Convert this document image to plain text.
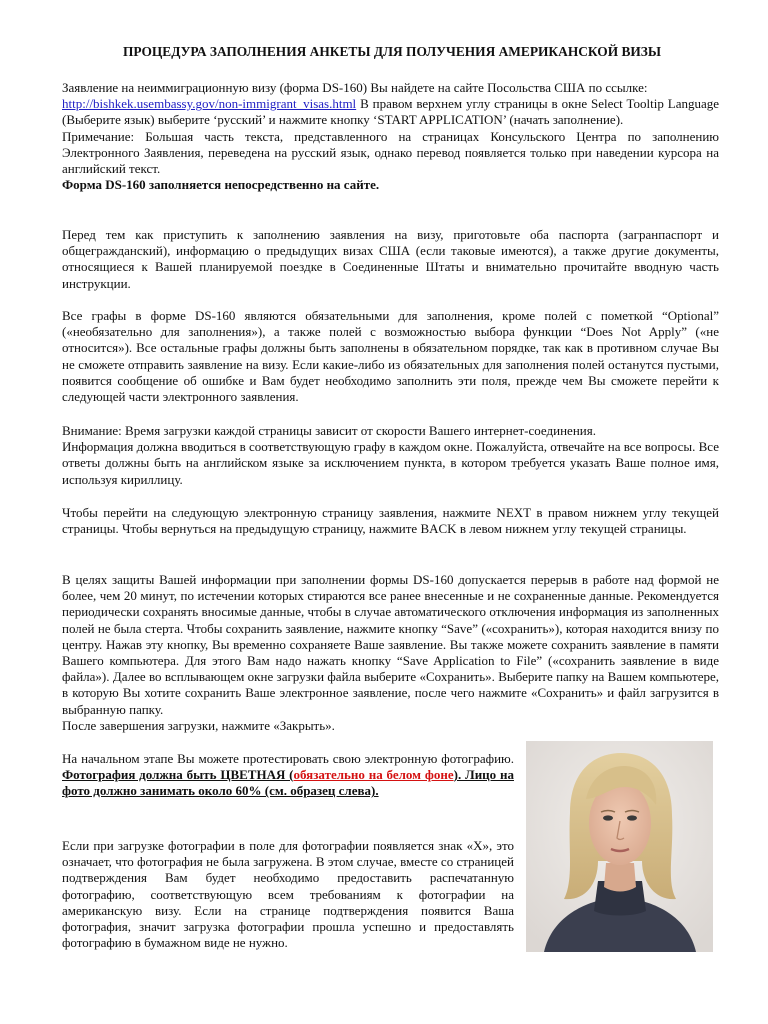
ПРОЦЕДУРА ЗАПОЛНЕНИЯ АНКЕТЫ ДЛЯ ПОЛУЧЕНИЯ АМЕРИКАНСКОЙ ВИЗЫ

Заявление на неиммиграционную визу (форма DS-160) Вы найдете на сайте Посольства США по ссылке:
http://bishkek.usembassy.gov/non-immigrant_visas.html В правом верхнем углу страницы в окне Select Tooltip Language (Выберите язык) выберите ‘русский’ и нажмите кнопку ‘START APPLICATION’ (начать заполнение).

Примечание: Большая часть текста, представленного на страницах Консульского Центра по заполнению Электронного Заявления, переведена на русский язык, однако перевод появляется только при наведении курсора на английский текст.

Форма DS-160 заполняется непосредственно на сайте.

Перед тем как приступить к заполнению заявления на визу, приготовьте оба паспорта (загранпаспорт и общегражданский), информацию о предыдущих визах США (если таковые имеются), а также другие документы, относящиеся к Вашей планируемой поездке в Соединенные Штаты и внимательно прочитайте вводную часть инструкции.

Все графы в форме DS-160 являются обязательными для заполнения, кроме полей с пометкой “Optional” («необязательно для заполнения»), а также полей с возможностью выбора функции “Does Not Apply” («не относится»). Все остальные графы должны быть заполнены в обязательном порядке, так как в противном случае Вы не сможете отправить заявление на визу. Если какие-либо из обязательных для заполнения полей останутся пустыми, появится сообщение об ошибке и Вам будет необходимо заполнить эти поля, прежде чем Вы сможете перейти к следующей части электронного заявления.

Внимание: Время загрузки каждой страницы зависит от скорости Вашего интернет-соединения.

Информация должна вводиться в соответствующую графу в каждом окне. Пожалуйста, отвечайте на все вопросы. Все ответы должны быть на английском языке за исключением пункта, в котором требуется указать Ваше полное имя, используя кириллицу.

Чтобы перейти на следующую электронную страницу заявления, нажмите NEXT в правом нижнем углу текущей страницы. Чтобы вернуться на предыдущую страницу, нажмите BACK в левом нижнем углу текущей страницы.

В целях защиты Вашей информации при заполнении формы DS-160 допускается перерыв в работе над формой не более, чем 20 минут, по истечении которых стираются все ранее внесенные и не сохраненные данные. Рекомендуется периодически сохранять вносимые данные, чтобы в случае автоматического отключения информация из заполненных полей не была стерта. Чтобы сохранить заявление, нажмите кнопку “Save” («сохранить»), которая находится внизу по центру. Нажав эту кнопку, Вы временно сохраняете Ваше заявление. Вы также можете сохранить заявление в памяти Вашего компьютера. Для этого Вам надо нажать кнопку “Save Application to File” («сохранить заявление в виде файла»). Далее во всплывающем окне загрузки файла выберите «Сохранить». Выберите папку на Вашем компьютере, в которую Вы хотите сохранить Ваше электронное заявление, после чего нажмите «Сохранить» и файл загрузится в выбранную папку.

После завершения загрузки, нажмите «Закрыть».

На начальном этапе Вы можете протестировать свою электронную фотографию. Фотография должна быть ЦВЕТНАЯ (обязательно на белом фоне). Лицо на фото должно занимать около 60% (см. образец слева).

Если при загрузке фотографии в поле для фотографии появляется знак «Х», это означает, что фотография не была загружена. В этом случае, вместе со страницей подтверждения Вам будет необходимо предоставить распечатанную фотографию, соответствующую всем требованиям к фотографии на американскую визу. Если на странице подтверждения появится Ваша фотография, значит загрузка фотографии прошла успешно и предоставлять фотографию в бумажном виде не нужно.
